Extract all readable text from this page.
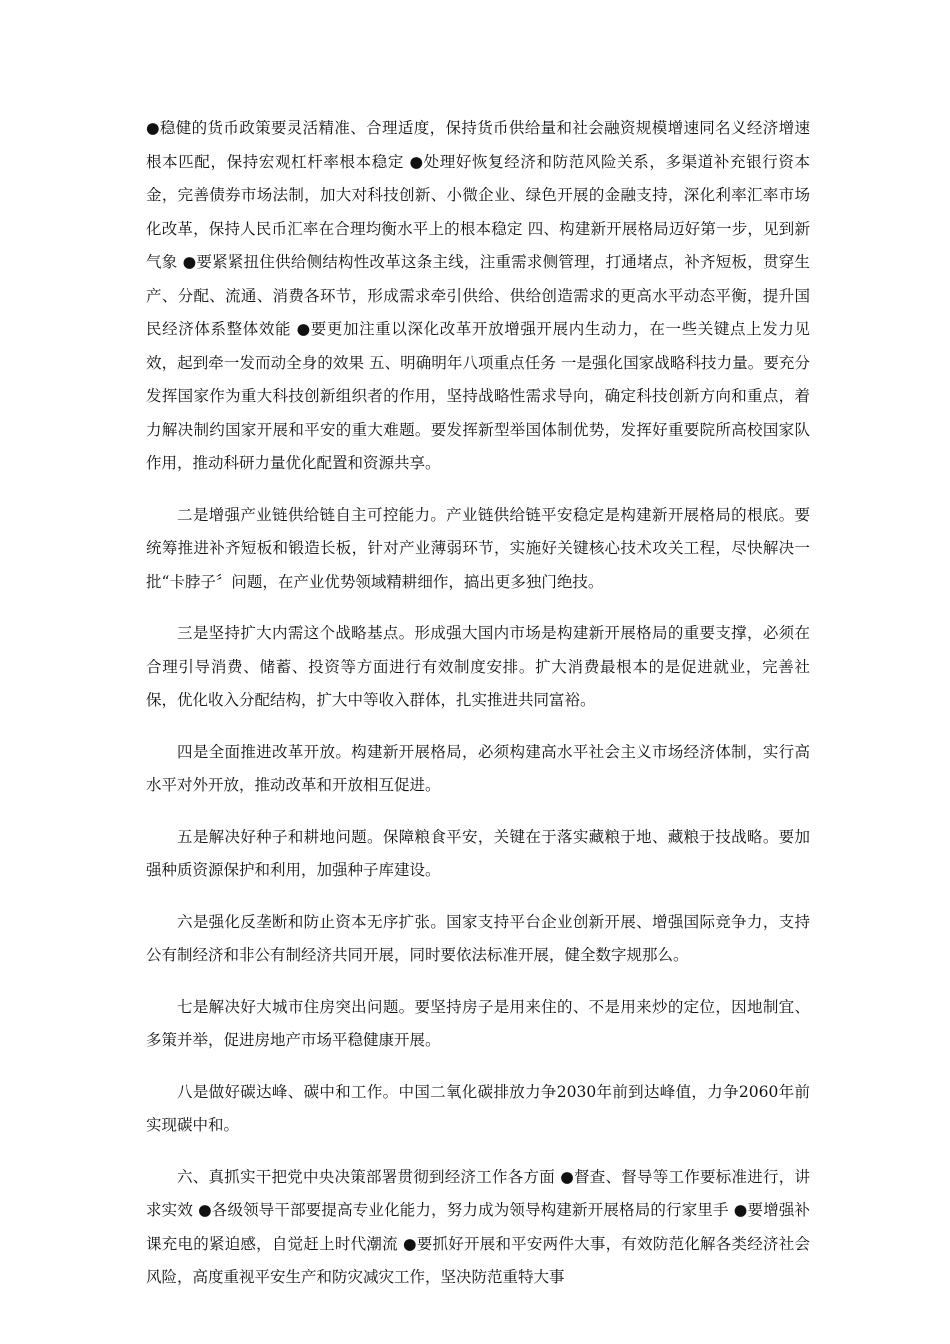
●稳健的货币政策要灵活精准、合理适度，保持货币供给量和社会融资规模增速同名义经济增速根本匹配，保持宏观杠杆率根本稳定 ●处理好恢复经济和防范风险关系，多渠道补充银行资本金，完善债券市场法制，加大对科技创新、小微企业、绿色开展的金融支持，深化利率汇率市场化改革，保持人民币汇率在合理均衡水平上的根本稳定 四、构建新开展格局迈好第一步，见到新气象 ●要紧紧扭住供给侧结构性改革这条主线，注重需求侧管理，打通堵点，补齐短板，贯穿生产、分配、流通、消费各环节，形成需求牵引供给、供给创造需求的更高水平动态平衡，提升国民经济体系整体效能 ●要更加注重以深化改革开放增强开展内生动力，在一些关键点上发力见效，起到牵一发而动全身的效果 五、明确明年八项重点任务 一是强化国家战略科技力量。要充分发挥国家作为重大科技创新组织者的作用，坚持战略性需求导向，确定科技创新方向和重点，着力解决制约国家开展和平安的重大难题。要发挥新型举国体制优势，发挥好重要院所高校国家队作用，推动科研力量优化配置和资源共享。

二是增强产业链供给链自主可控能力。产业链供给链平安稳定是构建新开展格局的根底。要统筹推进补齐短板和锻造长板，针对产业薄弱环节，实施好关键核心技术攻关工程，尽快解决一批“卡脖子〞问题，在产业优势领域精耕细作，搞出更多独门绝技。

三是坚持扩大内需这个战略基点。形成强大国内市场是构建新开展格局的重要支撑，必须在合理引导消费、储蓄、投资等方面进行有效制度安排。扩大消费最根本的是促进就业，完善社保，优化收入分配结构，扩大中等收入群体，扎实推进共同富裕。

四是全面推进改革开放。构建新开展格局，必须构建高水平社会主义市场经济体制，实行高水平对外开放，推动改革和开放相互促进。

五是解决好种子和耕地问题。保障粮食平安，关键在于落实藏粮于地、藏粮于技战略。要加强种质资源保护和利用，加强种子库建设。

六是强化反垄断和防止资本无序扩张。国家支持平台企业创新开展、增强国际竞争力，支持公有制经济和非公有制经济共同开展，同时要依法标准开展，健全数字规那么。

七是解决好大城市住房突出问题。要坚持房子是用来住的、不是用来炒的定位，因地制宜、多策并举，促进房地产市场平稳健康开展。

八是做好碳达峰、碳中和工作。中国二氧化碳排放力争2030年前到达峰值，力争2060年前实现碳中和。

六、真抓实干把党中央决策部署贯彻到经济工作各方面 ●督查、督导等工作要标准进行，讲求实效 ●各级领导干部要提高专业化能力，努力成为领导构建新开展格局的行家里手 ●要增强补课充电的紧迫感，自觉赶上时代潮流 ●要抓好开展和平安两件大事，有效防范化解各类经济社会风险，高度重视平安生产和防灾减灾工作，坚决防范重特大事
